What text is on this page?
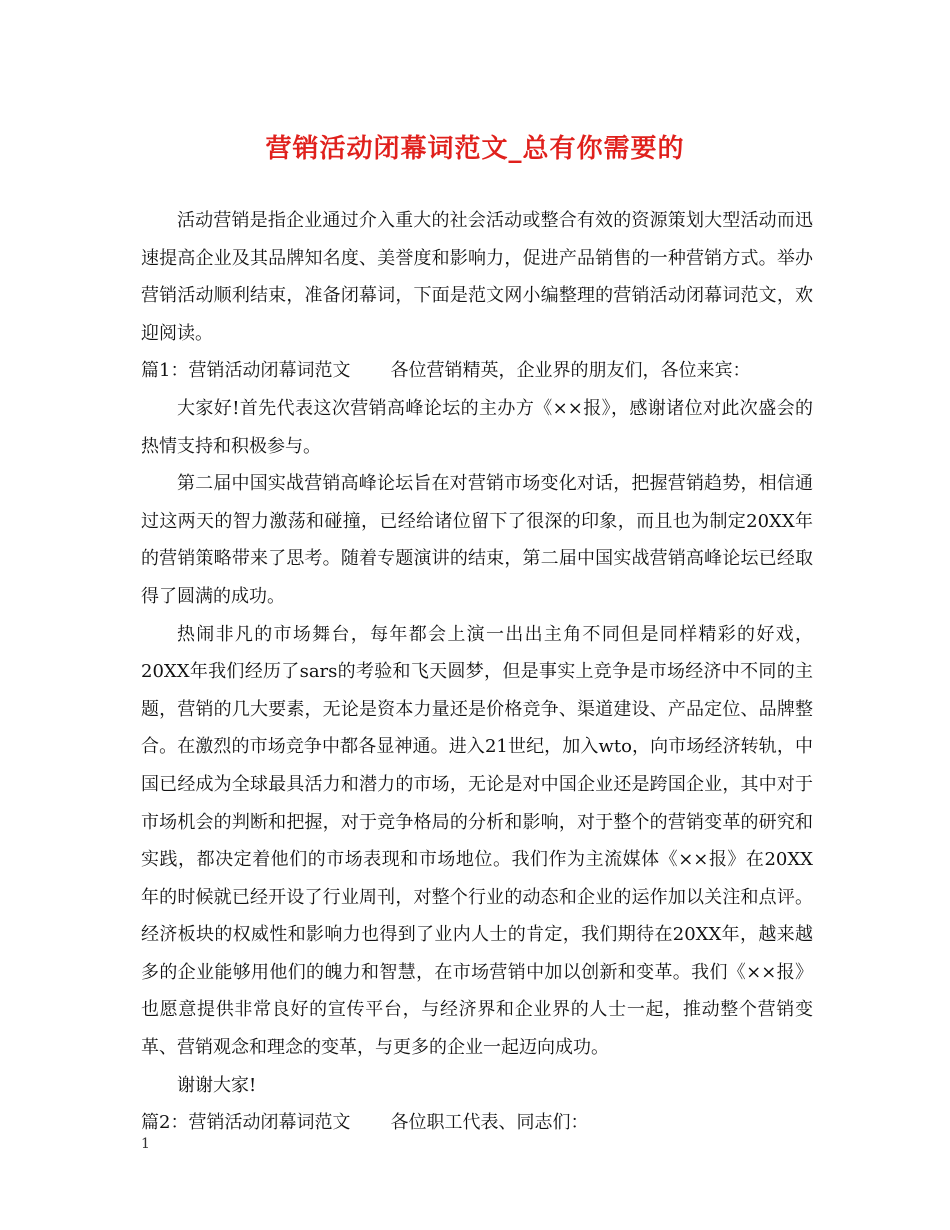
营销活动闭幕词范文_总有你需要的

活动营销是指企业通过介入重大的社会活动或整合有效的资源策划大型活动而迅速提高企业及其品牌知名度、美誉度和影响力，促进产品销售的一种营销方式。举办营销活动顺利结束，准备闭幕词，下面是范文网小编整理的营销活动闭幕词范文，欢迎阅读。

篇1：营销活动闭幕词范文 各位营销精英，企业界的朋友们，各位来宾：

大家好!首先代表这次营销高峰论坛的主办方《××报》，感谢诸位对此次盛会的热情支持和积极参与。

第二届中国实战营销高峰论坛旨在对营销市场变化对话，把握营销趋势，相信通过这两天的智力激荡和碰撞，已经给诸位留下了很深的印象，而且也为制定20XX年的营销策略带来了思考。随着专题演讲的结束，第二届中国实战营销高峰论坛已经取得了圆满的成功。

热闹非凡的市场舞台，每年都会上演一出出主角不同但是同样精彩的好戏，20XX年我们经历了sars的考验和飞天圆梦，但是事实上竞争是市场经济中不同的主题，营销的几大要素，无论是资本力量还是价格竞争、渠道建设、产品定位、品牌整合。在激烈的市场竞争中都各显神通。进入21世纪，加入wto，向市场经济转轨，中国已经成为全球最具活力和潜力的市场，无论是对中国企业还是跨国企业，其中对于市场机会的判断和把握，对于竞争格局的分析和影响，对于整个的营销变革的研究和实践，都决定着他们的市场表现和市场地位。我们作为主流媒体《××报》在20XX年的时候就已经开设了行业周刊，对整个行业的动态和企业的运作加以关注和点评。经济板块的权威性和影响力也得到了业内人士的肯定，我们期待在20XX年，越来越多的企业能够用他们的魄力和智慧，在市场营销中加以创新和变革。我们《××报》也愿意提供非常良好的宣传平台，与经济界和企业界的人士一起，推动整个营销变革、营销观念和理念的变革，与更多的企业一起迈向成功。

谢谢大家!

篇2：营销活动闭幕词范文 各位职工代表、同志们：

1
